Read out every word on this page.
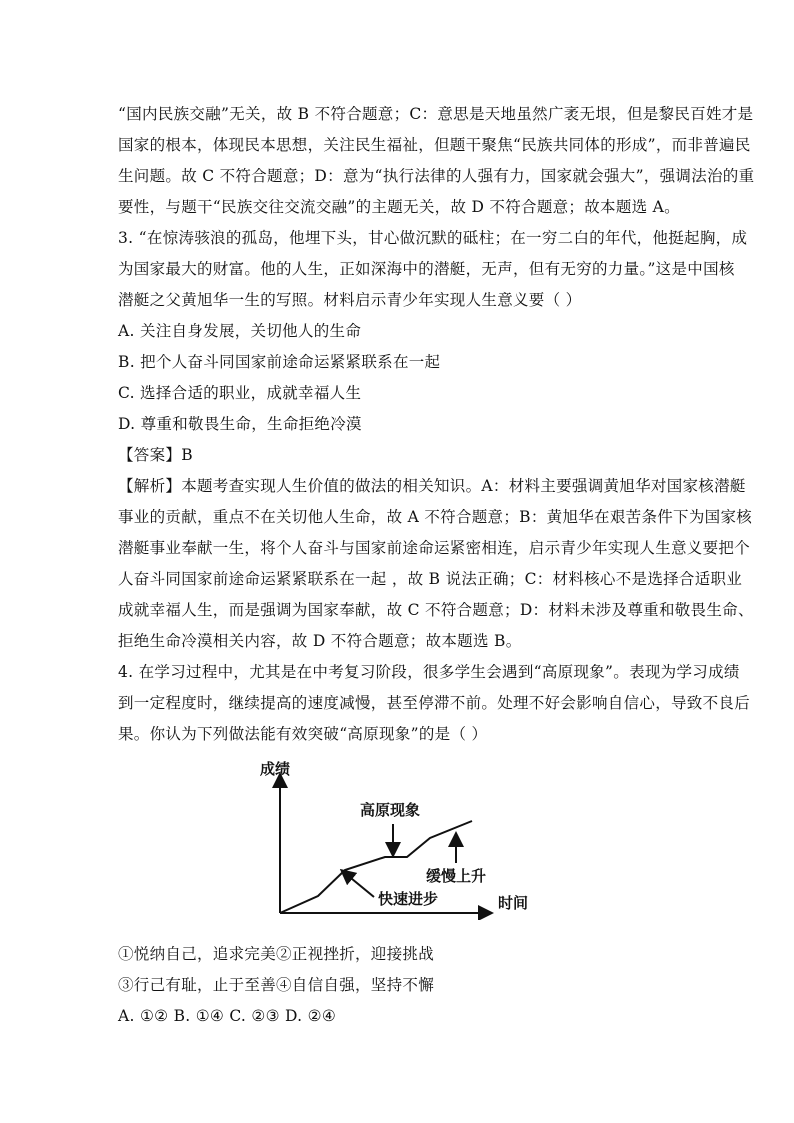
“国内民族交融”无关，故 B 不符合题意；C：意思是天地虽然广袤无垠，但是黎民百姓才是
国家的根本，体现民本思想，关注民生福祉，但题干聚焦“民族共同体的形成”，而非普遍民
生问题。故 C 不符合题意；D：意为“执行法律的人强有力，国家就会强大”，强调法治的重
要性，与题干“民族交往交流交融”的主题无关，故 D 不符合题意；故本题选 A。
3. “在惊涛骇浪的孤岛，他埋下头，甘心做沉默的砥柱；在一穷二白的年代，他挺起胸，成
为国家最大的财富。他的人生，正如深海中的潜艇，无声，但有无穷的力量。”这是中国核
潜艇之父黄旭华一生的写照。材料启示青少年实现人生意义要（ ）
A. 关注自身发展，关切他人的生命
B. 把个人奋斗同国家前途命运紧紧联系在一起
C. 选择合适的职业，成就幸福人生
D. 尊重和敬畏生命，生命拒绝冷漠
【答案】B
【解析】本题考查实现人生价值的做法的相关知识。A：材料主要强调黄旭华对国家核潜艇
事业的贡献，重点不在关切他人生命，故 A 不符合题意；B：黄旭华在艰苦条件下为国家核
潜艇事业奉献一生，将个人奋斗与国家前途命运紧密相连，启示青少年实现人生意义要把个
人奋斗同国家前途命运紧紧联系在一起 ，故 B 说法正确；C：材料核心不是选择合适职业
成就幸福人生，而是强调为国家奉献，故 C 不符合题意；D：材料未涉及尊重和敬畏生命、
拒绝生命冷漠相关内容，故 D 不符合题意；故本题选 B。
4. 在学习过程中，尤其是在中考复习阶段，很多学生会遇到“高原现象”。表现为学习成绩
到一定程度时，继续提高的速度减慢，甚至停滞不前。处理不好会影响自信心，导致不良后
果。你认为下列做法能有效突破“高原现象”的是（ ）
成绩
时间
高原现象
缓慢上升
快速进步
①悦纳自己，追求完美②正视挫折，迎接挑战
③行己有耻，止于至善④自信自强，坚持不懈
A. ①② B. ①④ C. ②③ D. ②④
